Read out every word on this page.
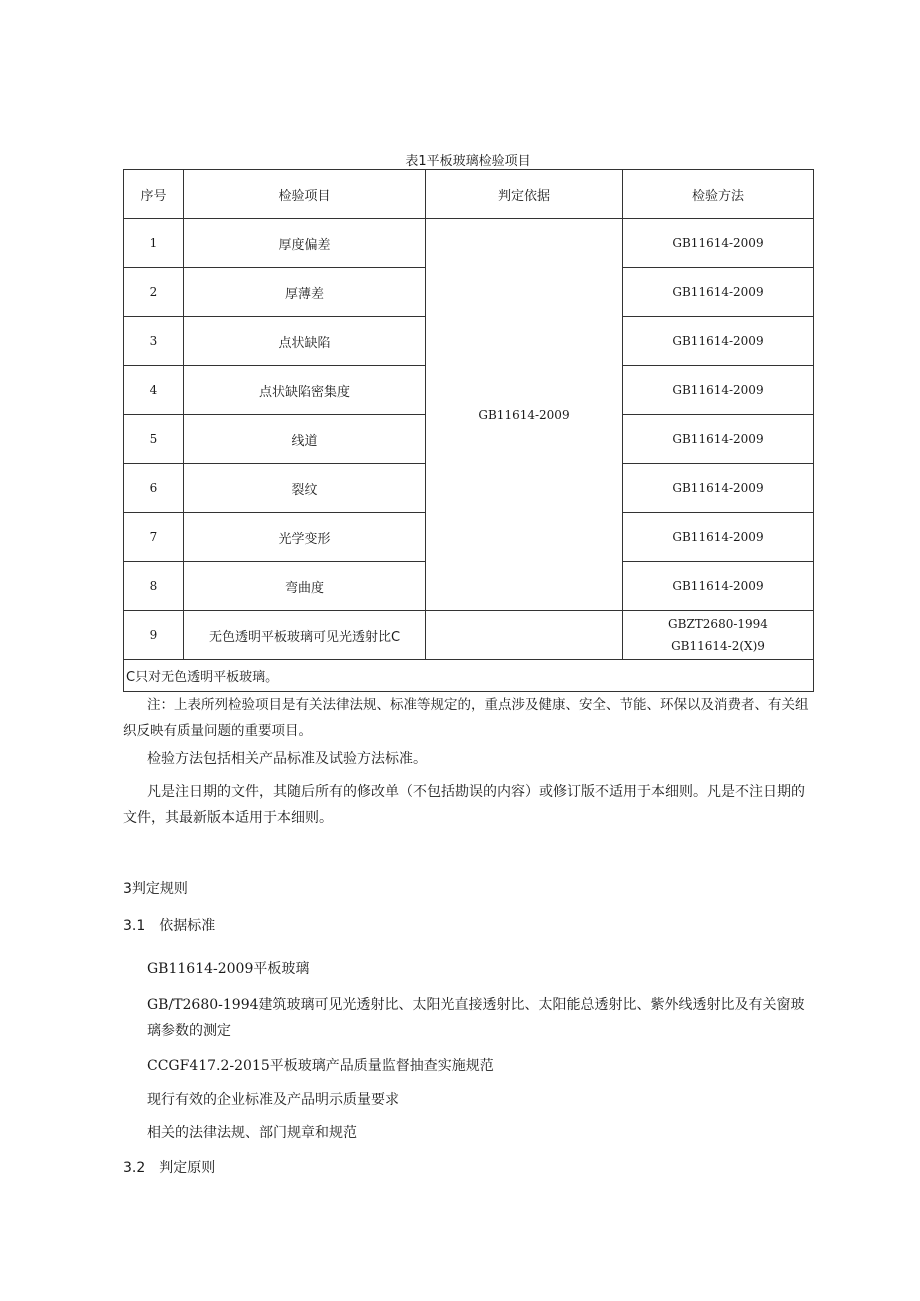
表1平板玻璃检验项目
序号	检验项目	判定依据	检验方法
1	厚度偏差	GB11614-2009	GB11614-2009
2	厚薄差		GB11614-2009
3	点状缺陷		GB11614-2009
4	点状缺陷密集度		GB11614-2009
5	线道		GB11614-2009
6	裂纹		GB11614-2009
7	光学变形		GB11614-2009
8	弯曲度		GB11614-2009
9	无色透明平板玻璃可见光透射比C		GBZT2680-1994
GB11614-2(X)9

C只对无色透明平板玻璃。			
注：上表所列检验项目是有关法律法规、标准等规定的，重点涉及健康、安全、节能、环保以及消费者、有关组织反映有质量问题的重要项目。
检验方法包括相关产品标准及试验方法标准。
凡是注日期的文件，其随后所有的修改单（不包括勘误的内容）或修订版不适用于本细则。凡是不注日期的文件，其最新版本适用于本细则。
3判定规则
3.1 依据标准
GB11614-2009平板玻璃
GB/T2680-1994建筑玻璃可见光透射比、太阳光直接透射比、太阳能总透射比、紫外线透射比及有关窗玻璃参数的测定
CCGF417.2-2015平板玻璃产品质量监督抽查实施规范
现行有效的企业标准及产品明示质量要求
相关的法律法规、部门规章和规范
3.2 判定原则
